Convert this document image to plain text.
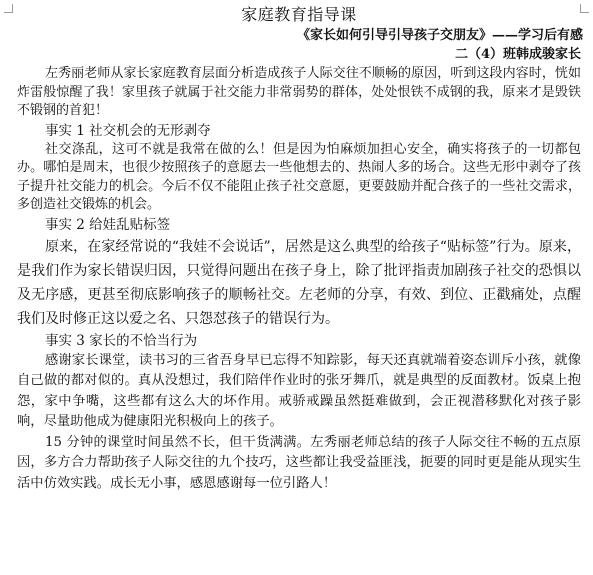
家庭教育指导课
《家长如何引导引导孩子交朋友》——学习后有感
二（4）班韩成骏家长

左秀丽老师从家长家庭教育层面分析造成孩子人际交往不顺畅的原因，听到这段内容时，恍如炸雷般惊醒了我！家里孩子就属于社交能力非常弱势的群体，处处恨铁不成钢的我，原来才是毁铁不锻钢的首犯！

事实 1 社交机会的无形剥夺

社交涤乱，这可不就是我常在做的么！但是因为怕麻烦加担心安全，确实将孩子的一切都包办。哪怕是周末，也很少按照孩子的意愿去一些他想去的、热闹人多的场合。这些无形中剥夺了孩子提升社交能力的机会。今后不仅不能阻止孩子社交意愿，更要鼓励并配合孩子的一些社交需求，多创造社交锻炼的机会。

事实 2 给娃乱贴标签

原来，在家经常说的“我娃不会说话”，居然是这么典型的给孩子“贴标签”行为。原来，是我们作为家长错误归因，只觉得问题出在孩子身上，除了批评指责加剧孩子社交的恐惧以及无序感，更甚至彻底影响孩子的顺畅社交。左老师的分享，有效、到位、正戳痛处，点醒我们及时修正这以爱之名、只怨怼孩子的错误行为。

事实 3 家长的不恰当行为

感谢家长课堂，读书习的三省吾身早已忘得不知踪影，每天还真就端着姿态训斥小孩，就像自己做的都对似的。真从没想过，我们陪伴作业时的张牙舞爪，就是典型的反面教材。饭桌上抱怨，家中争嘴，这些都有这么大的坏作用。戒骄戒躁虽然挺难做到，会正视潜移默化对孩子影响，尽量助他成为健康阳光积极向上的孩子。

15 分钟的课堂时间虽然不长，但干货满满。左秀丽老师总结的孩子人际交往不畅的五点原因，多方合力帮助孩子人际交往的九个技巧，这些都让我受益匪浅，扼要的同时更是能从现实生活中仿效实践。成长无小事，感恩感谢每一位引路人！
